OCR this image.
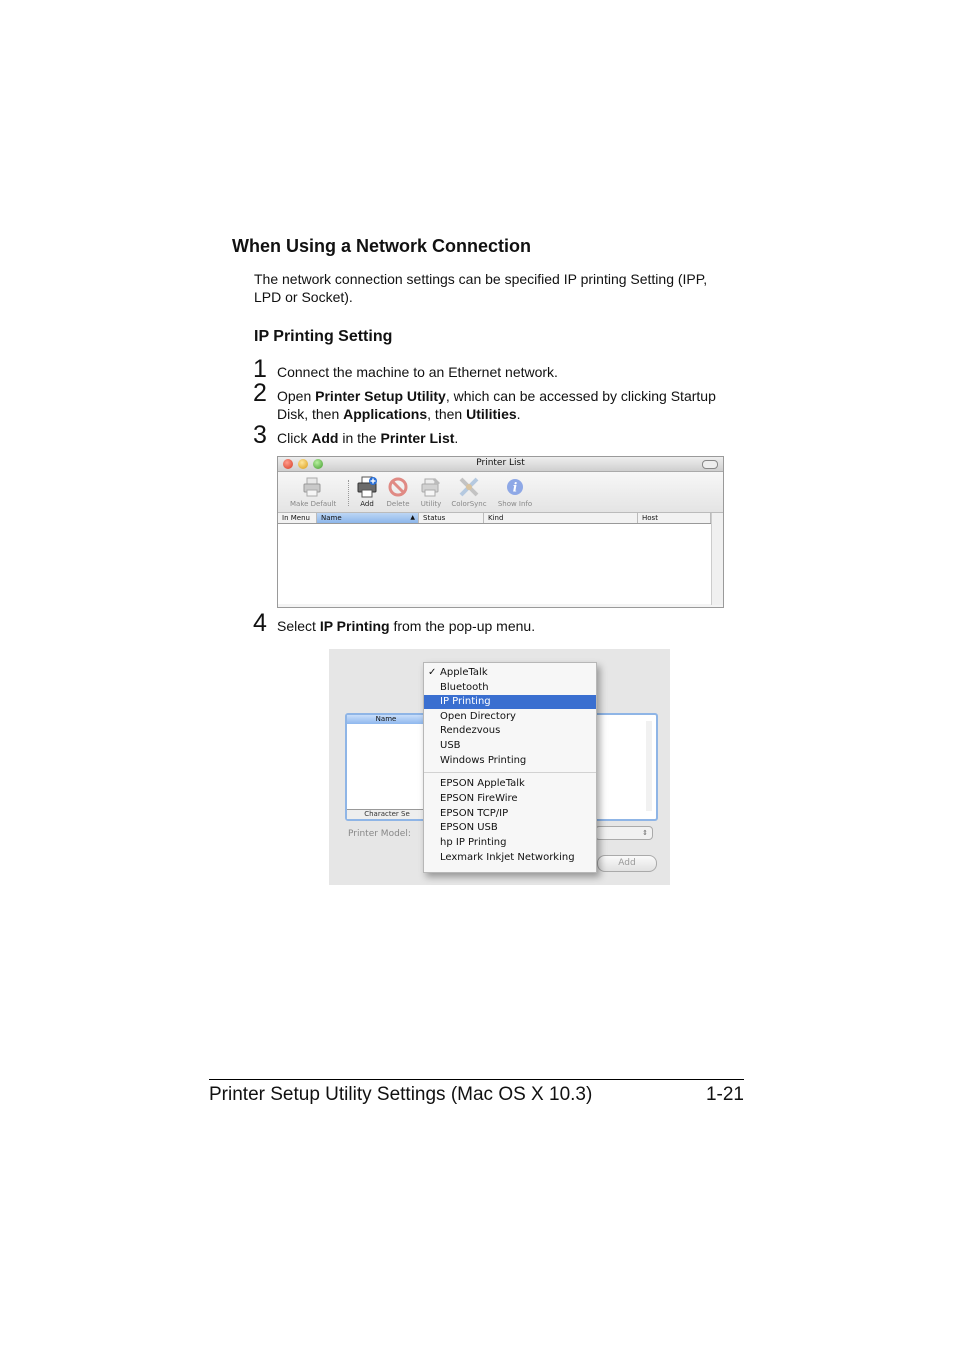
When Using a Network Connection
The network connection settings can be specified IP printing Setting (IPP, LPD or Socket).
IP Printing Setting
1 Connect the machine to an Ethernet network.
2 Open Printer Setup Utility, which can be accessed by clicking Startup Disk, then Applications, then Utilities.
3 Click Add in the Printer List.
Printer List
Make Default	Add	Delete	Utility	ColorSync
i
Show Info
In Menu	Name	▲	Status	Kind	Host
4 Select IP Printing from the pop-up menu.
Name
Character Se
Printer Model:	⇕
Add
✓ AppleTalk
Bluetooth
IP Printing
Open Directory
Rendezvous
USB
Windows Printing
EPSON AppleTalk
EPSON FireWire
EPSON TCP/IP
EPSON USB
hp IP Printing
Lexmark Inkjet Networking
Printer Setup Utility Settings (Mac OS X 10.3)	1-21
